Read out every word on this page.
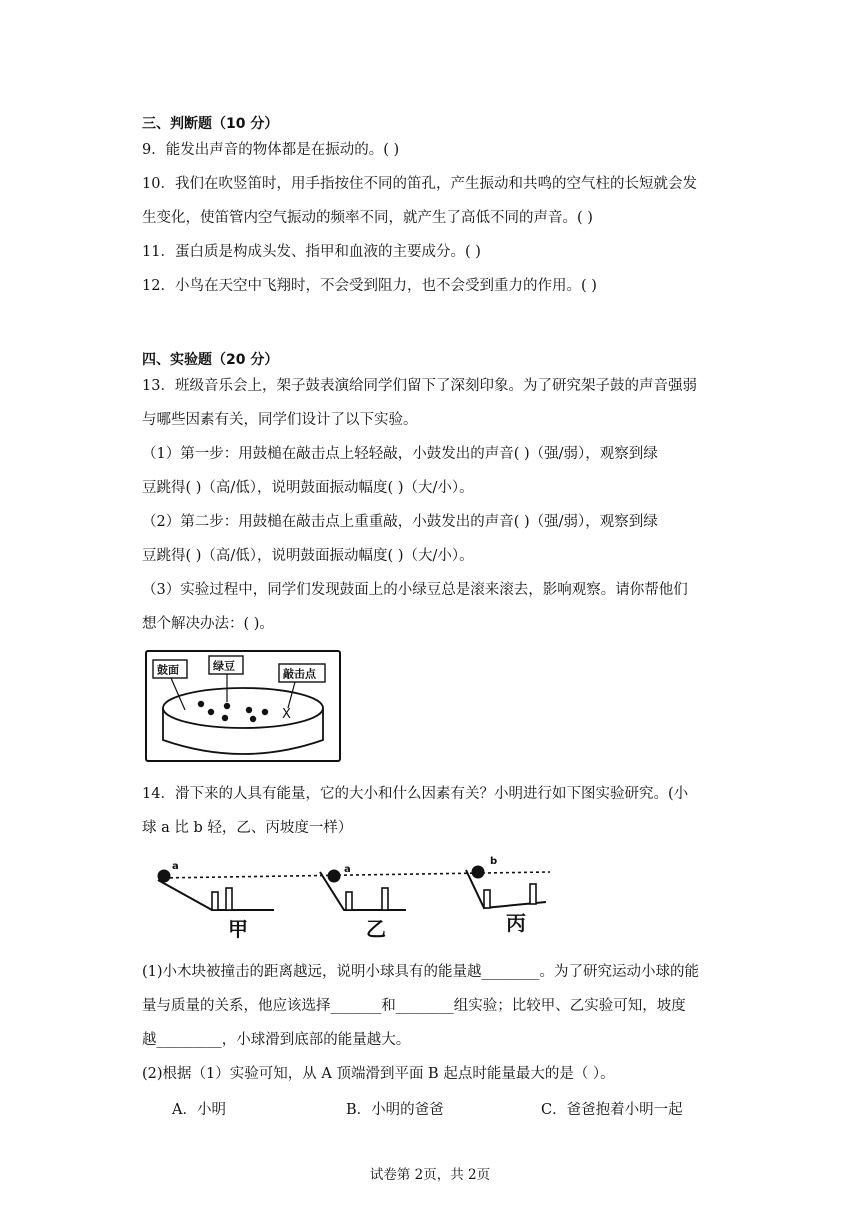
三、判断题（10 分）
9．能发出声音的物体都是在振动的。( )
10．我们在吹竖笛时，用手指按住不同的笛孔，产生振动和共鸣的空气柱的长短就会发
生变化，使笛管内空气振动的频率不同，就产生了高低不同的声音。( )
11．蛋白质是构成头发、指甲和血液的主要成分。( )
12．小鸟在天空中飞翔时，不会受到阻力，也不会受到重力的作用。( )
四、实验题（20 分）
13．班级音乐会上，架子鼓表演给同学们留下了深刻印象。为了研究架子鼓的声音强弱
与哪些因素有关，同学们设计了以下实验。
（1）第一步：用鼓槌在敲击点上轻轻敲，小鼓发出的声音( )（强/弱），观察到绿
豆跳得( )（高/低），说明鼓面振动幅度( )（大/小）。
（2）第二步：用鼓槌在敲击点上重重敲，小鼓发出的声音( )（强/弱），观察到绿
豆跳得( )（高/低），说明鼓面振动幅度( )（大/小）。
（3）实验过程中，同学们发现鼓面上的小绿豆总是滚来滚去，影响观察。请你帮他们
想个解决办法：( )。
X
鼓面	绿豆
敲击点
14．滑下来的人具有能量，它的大小和什么因素有关？小明进行如下图实验研究。(小
球 a 比 b 轻，乙、丙坡度一样）
a
甲
a
乙
b
丙
(1)小木块被撞击的距离越远，说明小球具有的能量越________。为了研究运动小球的能
量与质量的关系，他应该选择_______和________组实验；比较甲、乙实验可知，坡度
越_________，小球滑到底部的能量越大。
(2)根据（1）实验可知，从 A 顶端滑到平面 B 起点时能量最大的是（ ）。
A．小明	B．小明的爸爸	C．爸爸抱着小明一起
试卷第 2页，共 2页
